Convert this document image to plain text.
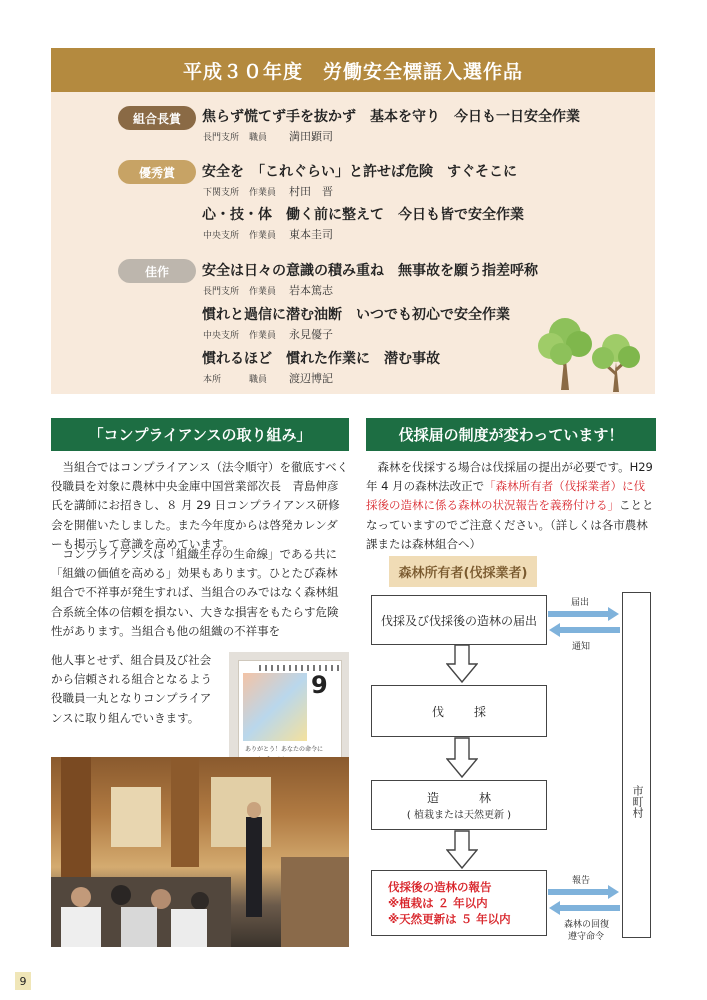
平成３０年度　労働安全標語入選作品
組合長賞	焦らず慌てず手を抜かず　基本を守り　今日も一日安全作業
長門支所 職員 満田顕司
優秀賞	安全を　「これぐらい」と許せば危険　すぐそこに
下関支所 作業員 村田　晋
心・技・体　働く前に整えて　今日も皆で安全作業
中央支所 作業員 東本圭司
佳作	安全は日々の意識の積み重ね　無事故を願う指差呼称
長門支所 作業員 岩本篤志
慣れと過信に潜む油断　いつでも初心で安全作業
中央支所 作業員 永見優子
慣れるほど　慣れた作業に　潜む事故
本所	職員 渡辺博記
「コンプライアンスの取り組み」

当組合ではコンプライアンス（法令順守）を徹底すべく役職員を対象に農林中央金庫中国営業部次長　青島伸彦氏を講師にお招きし、８ 月 29 日コンプライアンス研修会を開催いたしました。また今年度からは啓発カレンダーも掲示して意識を高めています。

コンプライアンスは「組織生存の生命線」である共に「組織の価値を高める」効果もあります。ひとたび森林組合で不祥事が発生すれば、当組合のみではなく森林組合系統全体の信頼を損ない、大きな損害をもたらす危険性があります。当組合も他の組織の不祥事を

他人事とせず、組合員及び社会から信頼される組合となるよう役職員一丸となりコンプライアンスに取り組んでいきます。

9
ありがとう！あなたの命令に
伐採届の制度が変わっています！

森林を伐採する場合は伐採届の提出が必要です。H29 年 4 月の森林法改正で「森林所有者（伐採業者）に伐採後の造林に係る森林の状況報告を義務付ける」こととなっていますのでご注意ください。（詳しくは各市農林課または森林組合へ）

森林所有者(伐採業者)
伐採及び伐採後の造林の届出
伐採
造林
( 植栽または天然更新 )
伐採後の造林の報告
※植栽は ２ 年以内
※天然更新は ５ 年以内
市町村
届出
通知
報告
森林の回復
遵守命令
9
